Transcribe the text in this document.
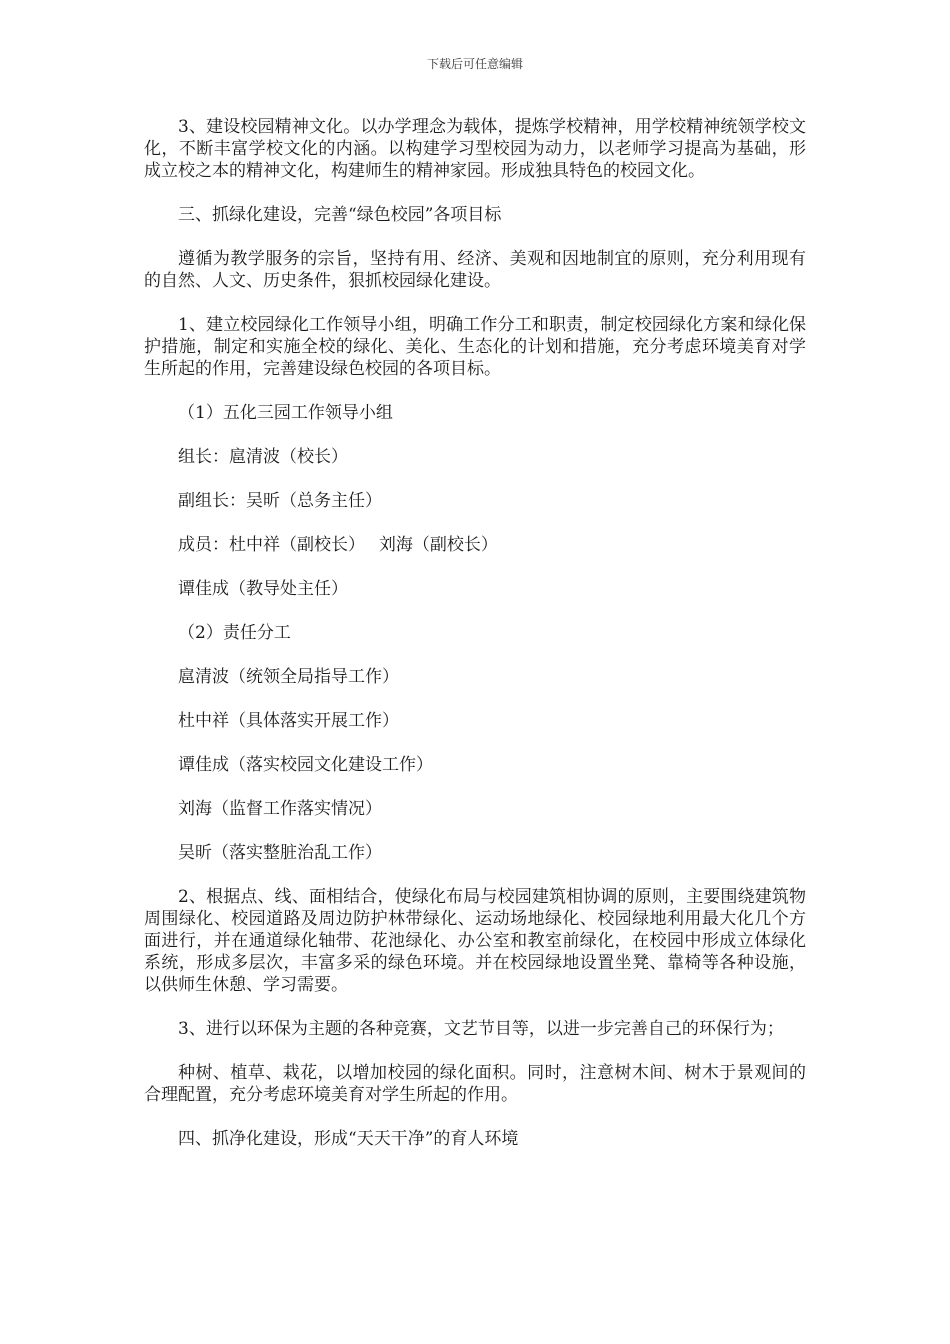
下载后可任意编辑

3、建设校园精神文化。以办学理念为载体，提炼学校精神，用学校精神统领学校文化，不断丰富学校文化的内涵。以构建学习型校园为动力，以老师学习提高为基础，形成立校之本的精神文化，构建师生的精神家园。形成独具特色的校园文化。

三、抓绿化建设，完善“绿色校园”各项目标

遵循为教学服务的宗旨，坚持有用、经济、美观和因地制宜的原则，充分利用现有的自然、人文、历史条件，狠抓校园绿化建设。

1、建立校园绿化工作领导小组，明确工作分工和职责，制定校园绿化方案和绿化保护措施，制定和实施全校的绿化、美化、生态化的计划和措施，充分考虑环境美育对学生所起的作用，完善建设绿色校园的各项目标。

（1）五化三园工作领导小组

组长：扈清波（校长）

副组长：吴昕（总务主任）

成员：杜中祥（副校长）　 刘海（副校长）

谭佳成（教导处主任）

（2）责任分工

扈清波（统领全局指导工作）

杜中祥（具体落实开展工作）

谭佳成（落实校园文化建设工作）

刘海（监督工作落实情况）

吴昕（落实整脏治乱工作）

2、根据点、线、面相结合，使绿化布局与校园建筑相协调的原则，主要围绕建筑物周围绿化、校园道路及周边防护林带绿化、运动场地绿化、校园绿地利用最大化几个方面进行，并在通道绿化轴带、花池绿化、办公室和教室前绿化，在校园中形成立体绿化系统，形成多层次，丰富多采的绿色环境。并在校园绿地设置坐凳、靠椅等各种设施，以供师生休憩、学习需要。

3、进行以环保为主题的各种竞赛，文艺节目等，以进一步完善自己的环保行为；

种树、植草、栽花，以增加校园的绿化面积。同时，注意树木间、树木于景观间的合理配置，充分考虑环境美育对学生所起的作用。

四、抓净化建设，形成“天天干净”的育人环境
